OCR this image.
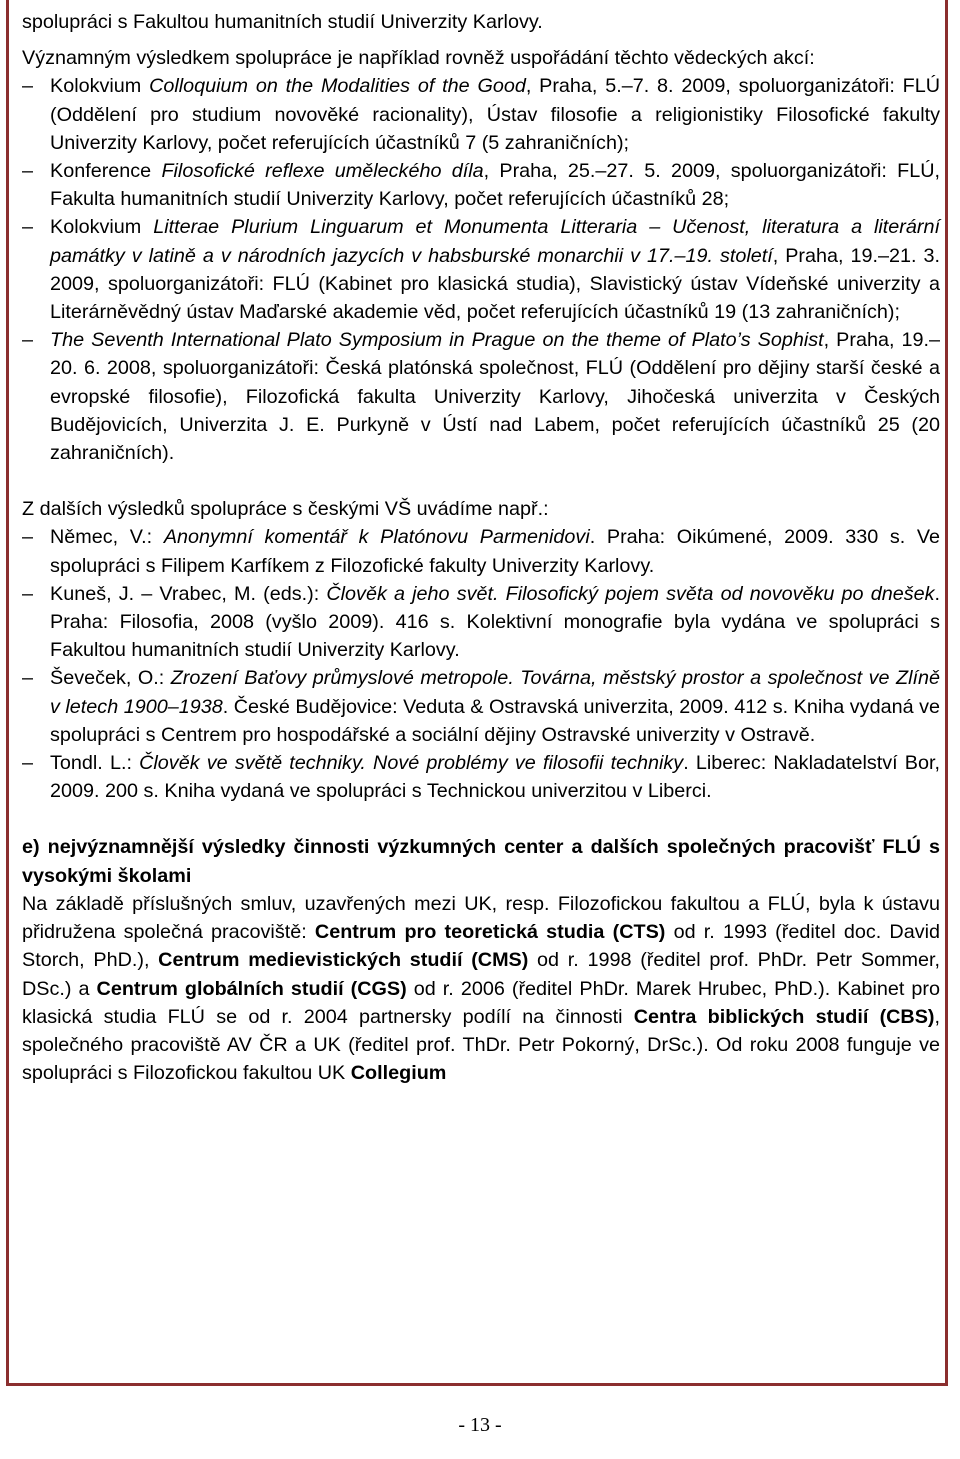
spolupráci s Fakultou humanitních studií Univerzity Karlovy.

Významným výsledkem spolupráce je například rovněž uspořádání těchto vědeckých akcí:

– Kolokvium Colloquium on the Modalities of the Good, Praha, 5.–7. 8. 2009, spoluorganizátoři: FLÚ (Oddělení pro studium novověké racionality), Ústav filosofie a religionistiky Filosofické fakulty Univerzity Karlovy, počet referujících účastníků 7 (5 zahraničních);
– Konference Filosofické reflexe uměleckého díla, Praha, 25.–27. 5. 2009, spoluorganizátoři: FLÚ, Fakulta humanitních studií Univerzity Karlovy, počet referujících účastníků 28;
– Kolokvium Litterae Plurium Linguarum et Monumenta Litteraria – Učenost, literatura a literární památky v latině a v národních jazycích v habsburské monarchii v 17.–19. století, Praha, 19.–21. 3. 2009, spoluorganizátoři: FLÚ (Kabinet pro klasická studia), Slavistický ústav Vídeňské univerzity a Literárněvědný ústav Maďarské akademie věd, počet referujících účastníků 19 (13 zahraničních);
– The Seventh International Plato Symposium in Prague on the theme of Plato’s Sophist, Praha, 19.–20. 6. 2008, spoluorganizátoři: Česká platónská společnost, FLÚ (Oddělení pro dějiny starší české a evropské filosofie), Filozofická fakulta Univerzity Karlovy, Jihočeská univerzita v Českých Budějovicích, Univerzita J. E. Purkyně v Ústí nad Labem, počet referujících účastníků 25 (20 zahraničních).

Z dalších výsledků spolupráce s českými VŠ uvádíme např.:

– Němec, V.: Anonymní komentář k Platónovu Parmenidovi. Praha: Oikúmené, 2009. 330 s. Ve spolupráci s Filipem Karfíkem z Filozofické fakulty Univerzity Karlovy.
– Kuneš, J. – Vrabec, M. (eds.): Člověk a jeho svět. Filosofický pojem světa od novověku po dnešek. Praha: Filosofia, 2008 (vyšlo 2009). 416 s. Kolektivní monografie byla vydána ve spolupráci s Fakultou humanitních studií Univerzity Karlovy.
– Ševeček, O.: Zrození Baťovy průmyslové metropole. Továrna, městský prostor a společnost ve Zlíně v letech 1900–1938. České Budějovice: Veduta & Ostravská univerzita, 2009. 412 s. Kniha vydaná ve spolupráci s Centrem pro hospodářské a sociální dějiny Ostravské univerzity v Ostravě.
– Tondl. L.: Člověk ve světě techniky. Nové problémy ve filosofii techniky. Liberec: Nakladatelství Bor, 2009. 200 s. Kniha vydaná ve spolupráci s Technickou univerzitou v Liberci.

e) nejvýznamnější výsledky činnosti výzkumných center a dalších společných pracovišť FLÚ s vysokými školami

Na základě příslušných smluv, uzavřených mezi UK, resp. Filozofickou fakultou a FLÚ, byla k ústavu přidružena společná pracoviště: Centrum pro teoretická studia (CTS) od r. 1993 (ředitel doc. David Storch, PhD.), Centrum medievistických studií (CMS) od r. 1998 (ředitel prof. PhDr. Petr Sommer, DSc.) a Centrum globálních studií (CGS) od r. 2006 (ředitel PhDr. Marek Hrubec, PhD.). Kabinet pro klasická studia FLÚ se od r. 2004 partnersky podílí na činnosti Centra biblických studií (CBS), společného pracoviště AV ČR a UK (ředitel prof. ThDr. Petr Pokorný, DrSc.). Od roku 2008 funguje ve spolupráci s Filozofickou fakultou UK Collegium

- 13 -
